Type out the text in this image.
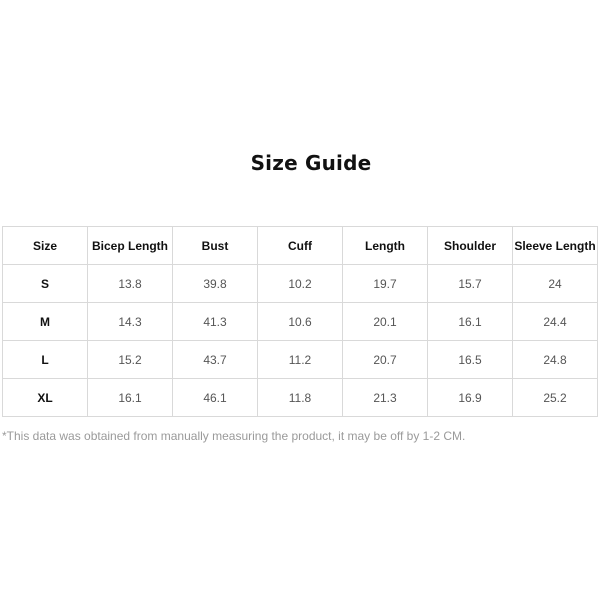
Size Guide
Size	Bicep Length	Bust	Cuff	Length	Shoulder	Sleeve Length
S	13.8	39.8	10.2	19.7	15.7	24
M	14.3	41.3	10.6	20.1	16.1	24.4
L	15.2	43.7	11.2	20.7	16.5	24.8
XL	16.1	46.1	11.8	21.3	16.9	25.2
*This data was obtained from manually measuring the product, it may be off by 1-2 CM.
